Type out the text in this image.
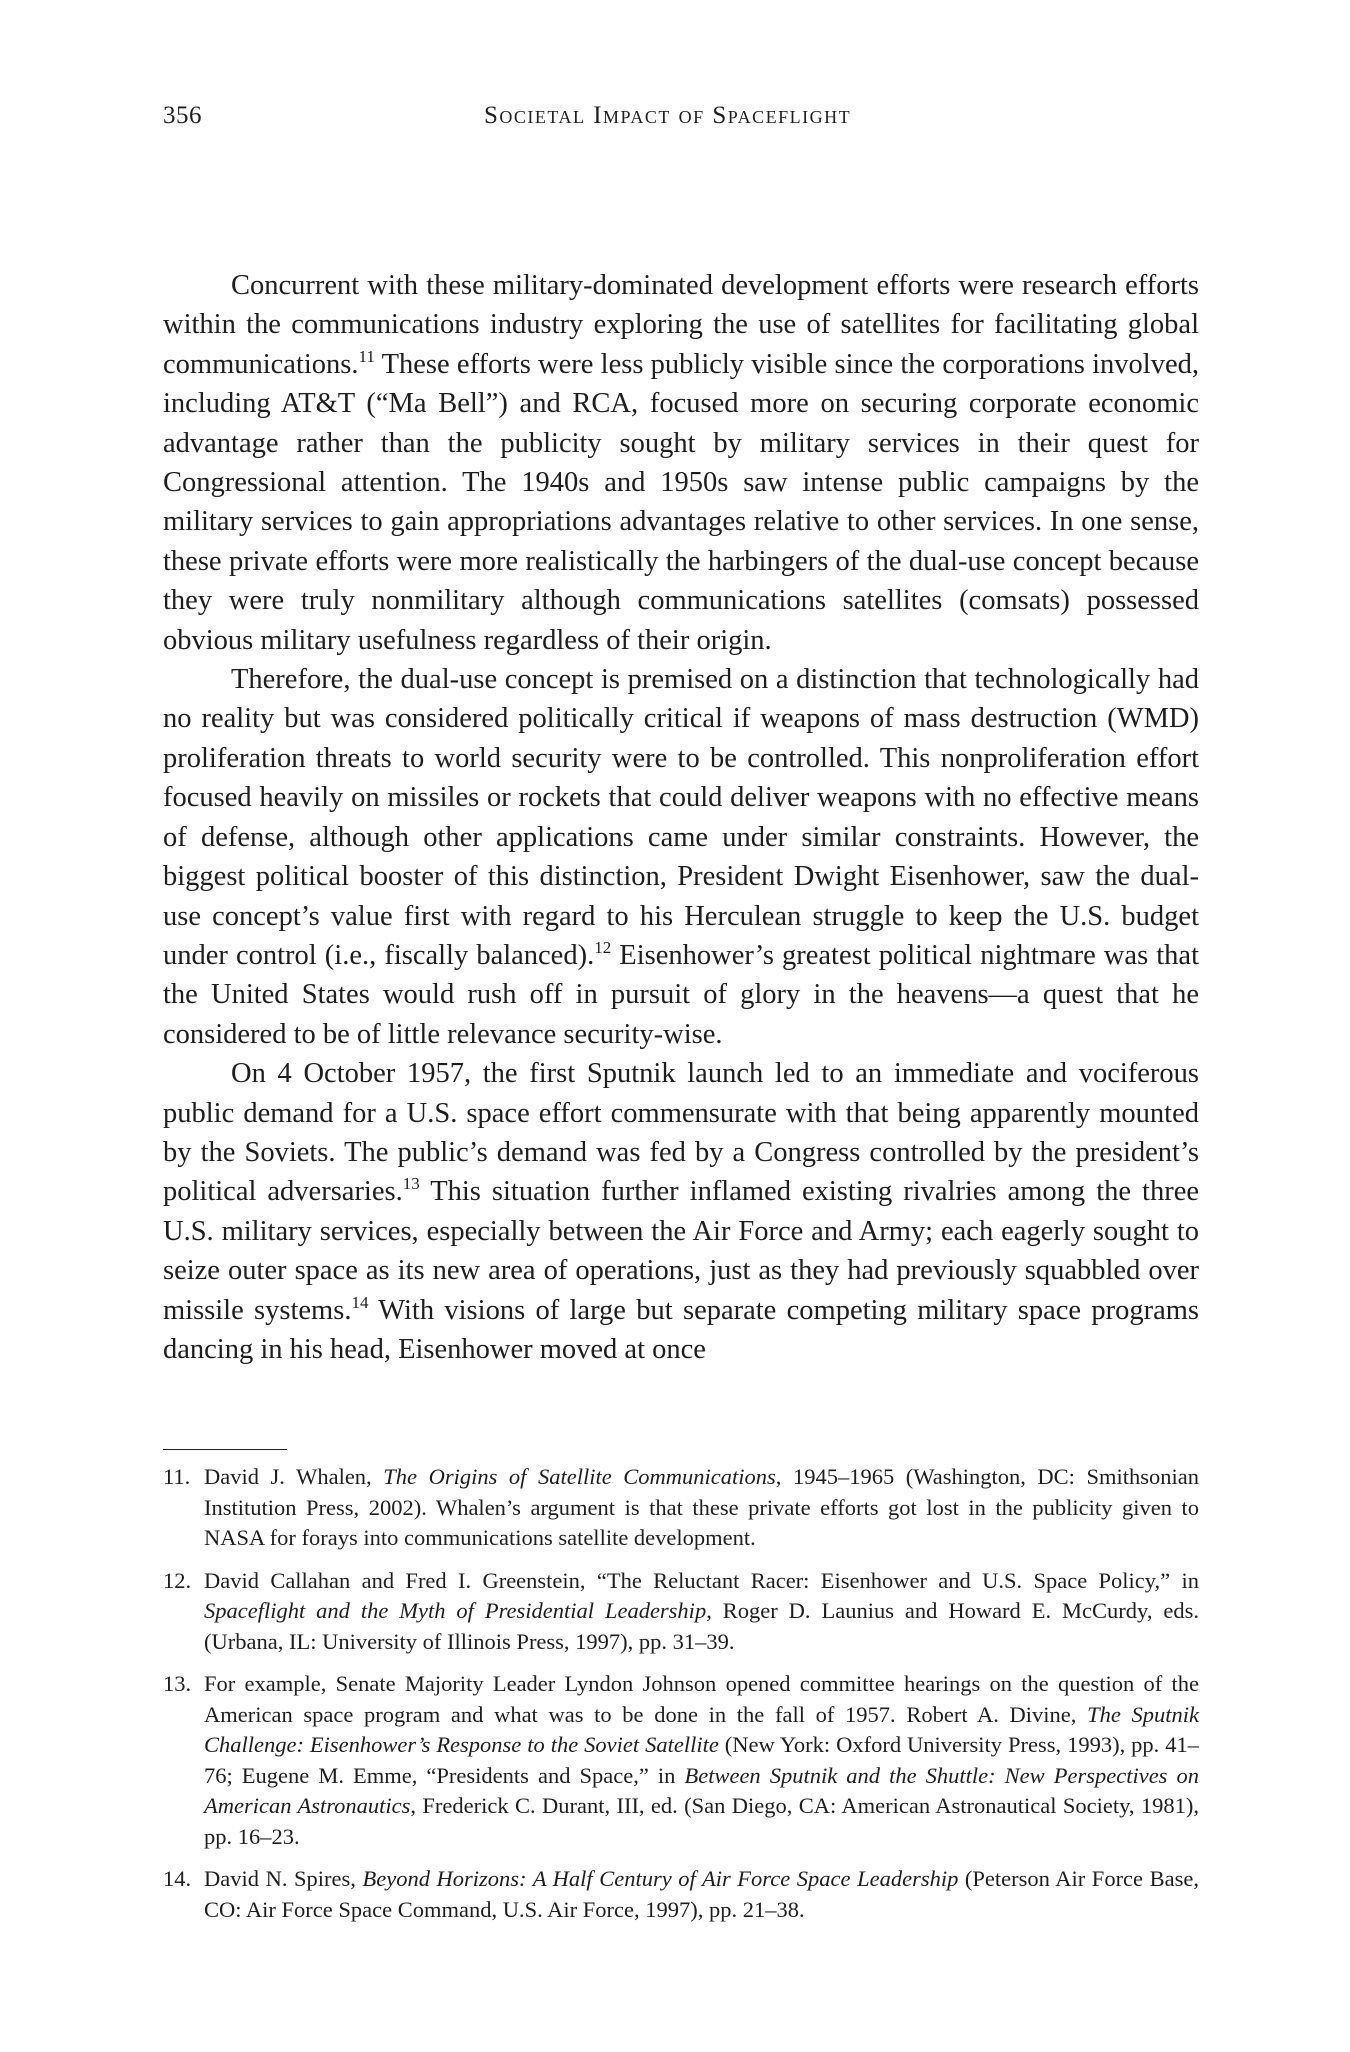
356	Societal Impact of Spaceflight

Concurrent with these military-dominated development efforts were research efforts within the communications industry exploring the use of satellites for facilitating global communications.$^{11}$ These efforts were less publicly visible since the corporations involved, including AT&T (“Ma Bell”) and RCA, focused more on securing corporate economic advantage rather than the publicity sought by military services in their quest for Congressional attention. The 1940s and 1950s saw intense public campaigns by the military services to gain appropriations advantages relative to other services. In one sense, these private efforts were more realistically the harbingers of the dual-use concept because they were truly nonmilitary although communications satellites (comsats) possessed obvious military usefulness regardless of their origin.

Therefore, the dual-use concept is premised on a distinction that technologically had no reality but was considered politically critical if weapons of mass destruction (WMD) proliferation threats to world security were to be controlled. This nonproliferation effort focused heavily on missiles or rockets that could deliver weapons with no effective means of defense, although other applications came under similar constraints. However, the biggest political booster of this distinction, President Dwight Eisenhower, saw the dual-use concept’s value first with regard to his Herculean struggle to keep the U.S. budget under control (i.e., fiscally balanced).$^{12}$ Eisenhower’s greatest political nightmare was that the United States would rush off in pursuit of glory in the heavens—a quest that he considered to be of little relevance security-wise.

On 4 October 1957, the first Sputnik launch led to an immediate and vociferous public demand for a U.S. space effort commensurate with that being apparently mounted by the Soviets. The public’s demand was fed by a Congress controlled by the president’s political adversaries.$^{13}$ This situation further inflamed existing rivalries among the three U.S. military services, especially between the Air Force and Army; each eagerly sought to seize outer space as its new area of operations, just as they had previously squabbled over missile systems.$^{14}$ With visions of large but separate competing military space programs dancing in his head, Eisenhower moved at once

11. David J. Whalen, The Origins of Satellite Communications, 1945–1965 (Washington, DC: Smithsonian Institution Press, 2002). Whalen’s argument is that these private efforts got lost in the publicity given to NASA for forays into communications satellite development.
12. David Callahan and Fred I. Greenstein, “The Reluctant Racer: Eisenhower and U.S. Space Policy,” in Spaceflight and the Myth of Presidential Leadership, Roger D. Launius and Howard E. McCurdy, eds. (Urbana, IL: University of Illinois Press, 1997), pp. 31–39.
13. For example, Senate Majority Leader Lyndon Johnson opened committee hearings on the question of the American space program and what was to be done in the fall of 1957. Robert A. Divine, The Sputnik Challenge: Eisenhower’s Response to the Soviet Satellite (New York: Oxford University Press, 1993), pp. 41–76; Eugene M. Emme, “Presidents and Space,” in Between Sputnik and the Shuttle: New Perspectives on American Astronautics, Frederick C. Durant, III, ed. (San Diego, CA: American Astronautical Society, 1981), pp. 16–23.
14. David N. Spires, Beyond Horizons: A Half Century of Air Force Space Leadership (Peterson Air Force Base, CO: Air Force Space Command, U.S. Air Force, 1997), pp. 21–38.
